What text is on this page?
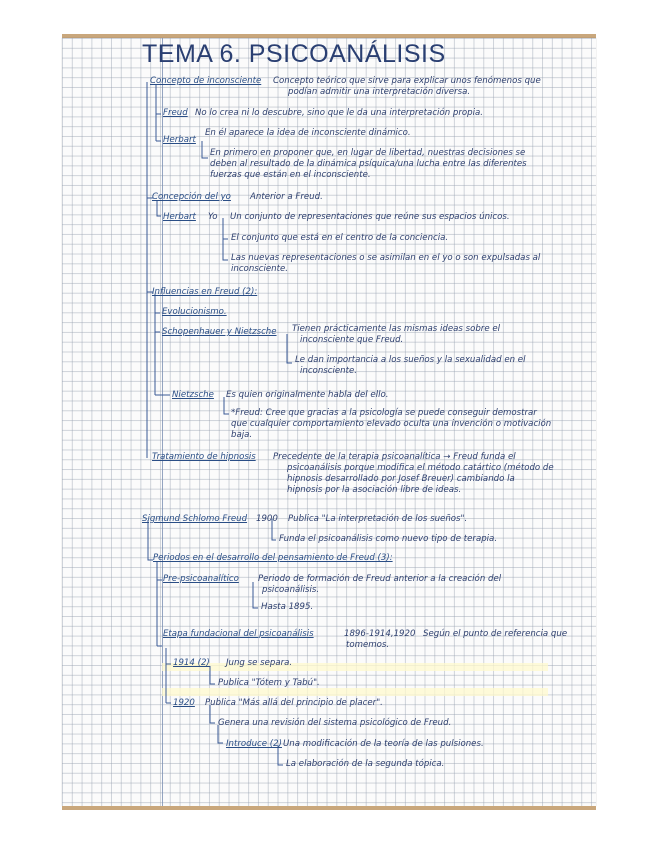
TEMA 6. PSICOANÁLISIS
Concepto de inconsciente Concepto teórico que sirve para explicar unos fenómenos que
podían admitir una interpretación diversa.
Freud No lo crea ni lo descubre, sino que le da una interpretación propia.
Herbart
En él aparece la idea de inconsciente dinámico.
En primero en proponer que, en lugar de libertad, nuestras decisiones se
deben al resultado de la dinámica psíquica/una lucha entre las diferentes
fuerzas que están en el inconsciente.
Concepción del yo Anterior a Freud.
Herbart Yo Un conjunto de representaciones que reúne sus espacios únicos.
El conjunto que está en el centro de la conciencia.
Las nuevas representaciones o se asimilan en el yo o son expulsadas al
inconsciente.
Influencias en Freud (2):
Evolucionismo.
Schopenhauer y Nietzsche Tienen prácticamente las mismas ideas sobre el
inconsciente que Freud.
Le dan importancia a los sueños y la sexualidad en el
inconsciente.
Nietzsche Es quien originalmente habla del ello.
*Freud: Cree que gracias a la psicología se puede conseguir demostrar
que cualquier comportamiento elevado oculta una invención o motivación
baja.
Tratamiento de hipnosis Precedente de la terapia psicoanalítica → Freud funda el
psicoanálisis porque modifica el método catártico (método de
hipnosis desarrollado por Josef Breuer) cambiando la
hipnosis por la asociación libre de ideas.
Sigmund Schlomo Freud 1900 Publica "La interpretación de los sueños".
Funda el psicoanálisis como nuevo tipo de terapia.
Periodos en el desarrollo del pensamiento de Freud (3):
Pre-psicoanalítico Periodo de formación de Freud anterior a la creación del
psicoanálisis.
Hasta 1895.
Etapa fundacional del psicoanálisis	1896-1914,1920 Según el punto de referencia que
tomemos.
1914 (2) Jung se separa.
Publica "Tótem y Tabú".
1920 Publica "Más allá del principio de placer".
Genera una revisión del sistema psicológico de Freud.
Introduce (2) Una modificación de la teoría de las pulsiones.
La elaboración de la segunda tópica.
